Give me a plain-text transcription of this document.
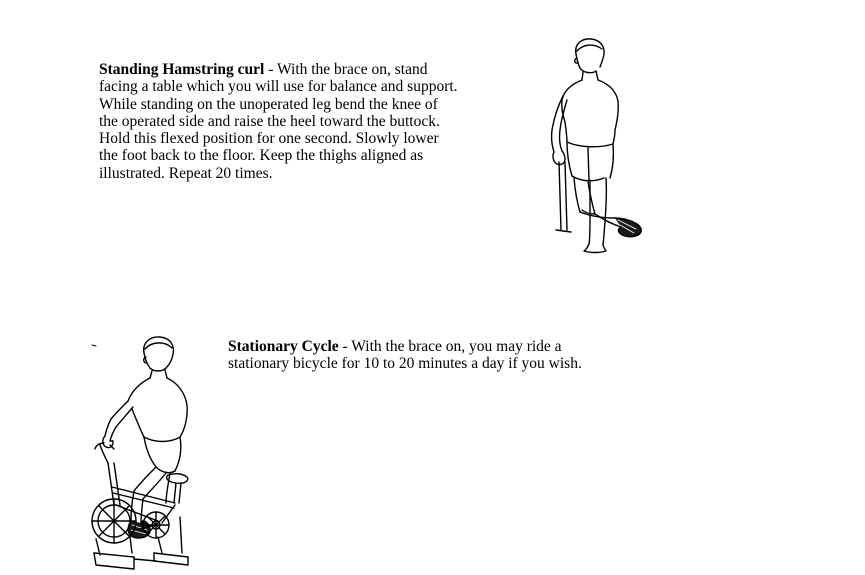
Standing Hamstring curl - With the brace on, stand facing a table which you will use for balance and support. While standing on the unoperated leg bend the knee of the operated side and raise the heel toward the buttock. Hold this flexed position for one second. Slowly lower the foot back to the floor. Keep the thighs aligned as illustrated. Repeat 20 times.
Stationary Cycle - With the brace on, you may ride a stationary bicycle for 10 to 20 minutes a day if you wish.
